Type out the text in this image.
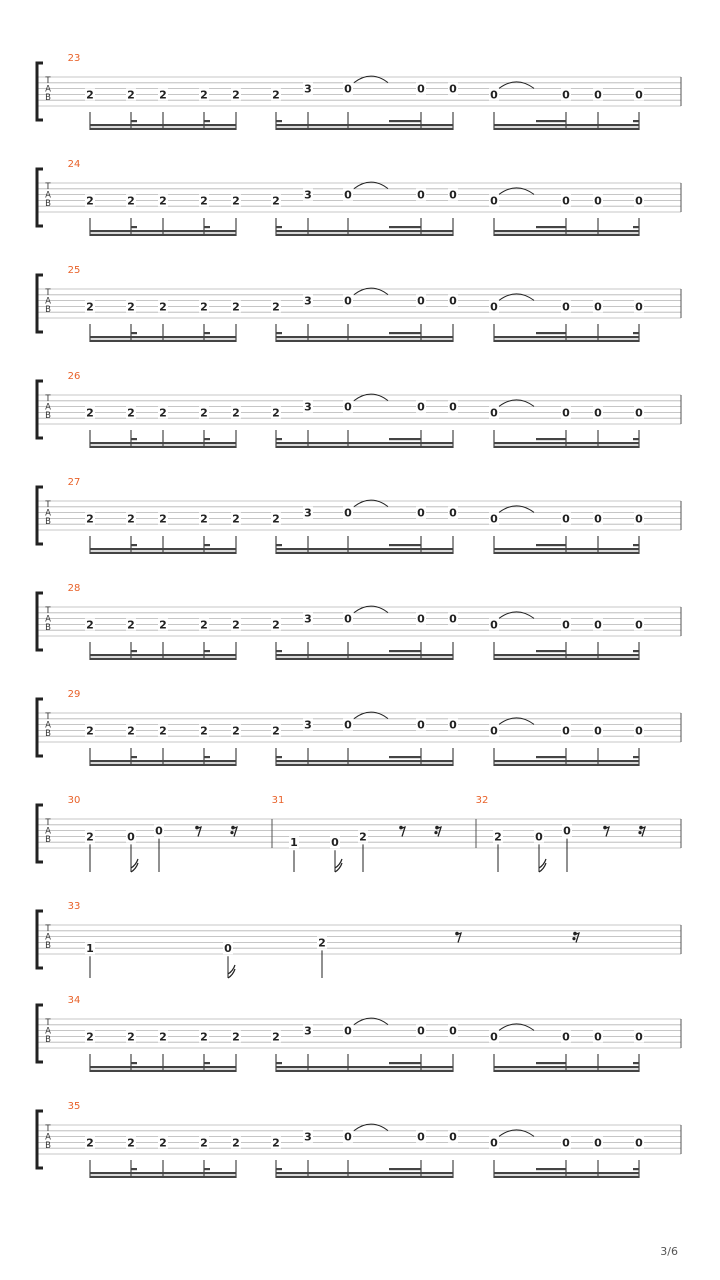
T
A
B
23
2	2 2	2 2	2 3	0	0 0	0	0 0	0
T
A
B
24
2	2 2	2 2	2 3	0	0 0	0	0 0	0
T
A
B
25
2	2 2	2 2	2 3	0	0 0	0	0 0	0
T
A
B
26
2	2 2	2 2	2 3	0	0 0	0	0 0	0
T
A
B
27
2	2 2	2 2	2 3	0	0 0	0	0 0	0
T
A
B
28
2	2 2	2 2	2 3	0	0 0	0	0 0	0
T
A
B
29
2	2 2	2 2	2 3	0	0 0	0	0 0	0
T
A
B
34
2	2 2	2 2	2 3	0	0 0	0	0 0	0
T
A
B
35
2	2 2	2 2	2 3	0	0 0	0	0 0	0
T
A
B
30
2	0 0
31
1	0 2
32
2	0 0
T
A
B
33
1	0	2
3/6
